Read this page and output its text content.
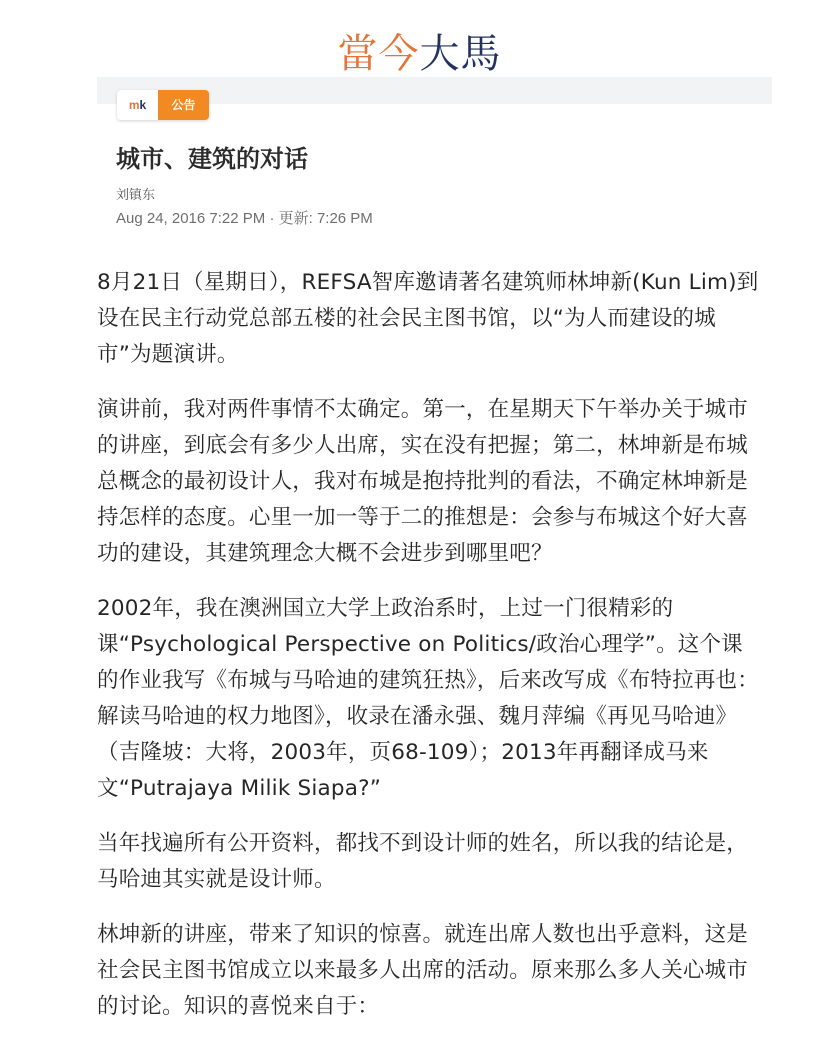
當今大馬
m k	公告
城市、建筑的对话
刘镇东
Aug 24, 2016 7:22 PM · 更新: 7:26 PM

8月21日（星期日），REFSA智库邀请著名建筑师林坤新(Kun Lim)到设在民主行动党总部五楼的社会民主图书馆，以“为人而建设的城市”为题演讲。

演讲前，我对两件事情不太确定。第一，在星期天下午举办关于城市的讲座，到底会有多少人出席，实在没有把握；第二，林坤新是布城总概念的最初设计人，我对布城是抱持批判的看法，不确定林坤新是持怎样的态度。心里一加一等于二的推想是：会参与布城这个好大喜功的建设，其建筑理念大概不会进步到哪里吧？

2002年，我在澳洲国立大学上政治系时，上过一门很精彩的课“Psychological Perspective on Politics/政治心理学”。这个课的作业我写《布城与马哈迪的建筑狂热》，后来改写成《布特拉再也：解读马哈迪的权力地图》，收录在潘永强、魏月萍编《再见马哈迪》（吉隆坡：大将，2003年，页68-109）；2013年再翻译成马来文“Putrajaya Milik Siapa?”

当年找遍所有公开资料，都找不到设计师的姓名，所以我的结论是，马哈迪其实就是设计师。

林坤新的讲座，带来了知识的惊喜。就连出席人数也出乎意料，这是社会民主图书馆成立以来最多人出席的活动。原来那么多人关心城市的讨论。知识的喜悦来自于：
